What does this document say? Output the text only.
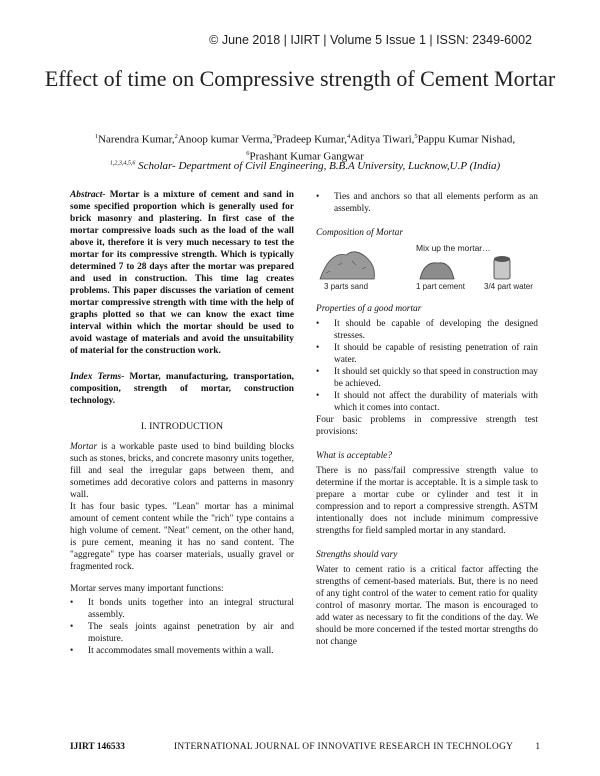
© June 2018 | IJIRT | Volume 5 Issue 1 | ISSN: 2349-6002
Effect of time on Compressive strength of Cement Mortar
$^1$Narendra Kumar,$^2$Anoop kumar Verma,$^3$Pradeep Kumar,$^4$Aditya Tiwari,$^5$Pappu Kumar Nishad,
$^6$Prashant Kumar Gangwar
$^{1,2,3,4,5,6}$ Scholar- Department of Civil Engineering, B.B.A University, Lucknow,U.P (India)

Abstract- Mortar is a mixture of cement and sand in some specified proportion which is generally used for brick masonry and plastering. In first case of the mortar compressive loads such as the load of the wall above it, therefore it is very much necessary to test the mortar for its compressive strength. Which is typically determined 7 to 28 days after the mortar was prepared and used in construction. This time lag creates problems. This paper discusses the variation of cement mortar compressive strength with time with the help of graphs plotted so that we can know the exact time interval within which the mortar should be used to avoid wastage of materials and avoid the unsuitability of material for the construction work.

Index Terms- Mortar, manufacturing, transportation, composition, strength of mortar, construction technology.

I. INTRODUCTION

Mortar is a workable paste used to bind building blocks such as stones, bricks, and concrete masonry units together, fill and seal the irregular gaps between them, and sometimes add decorative colors and patterns in masonry wall.

It has four basic types. "Lean" mortar has a minimal amount of cement content while the "rich" type contains a high volume of cement. "Neat" cement, on the other hand, is pure cement, meaning it has no sand content. The "aggregate" type has coarser materials, usually gravel or fragmented rock.

Mortar serves many important functions:

• It bonds units together into an integral structural assembly.
• The seals joints against penetration by air and moisture.
• It accommodates small movements within a wall.
• Ties and anchors so that all elements perform as an assembly.
Composition of Mortar
Mix up the mortar…
3 parts sand	1 part cement 3/4 part water
Properties of a good mortar
• It should be capable of developing the designed stresses.
• It should be capable of resisting penetration of rain water.
• It should set quickly so that speed in construction may be achieved.
• It should not affect the durability of materials with which it comes into contact.

Four basic problems in compressive strength test provisions:

What is acceptable?

There is no pass/fail compressive strength value to determine if the mortar is acceptable. It is a simple task to prepare a mortar cube or cylinder and test it in compression and to report a compressive strength. ASTM intentionally does not include minimum compressive strengths for field sampled mortar in any standard.

Strengths should vary

Water to cement ratio is a critical factor affecting the strengths of cement-based materials. But, there is no need of any tight control of the water to cement ratio for quality control of masonry mortar. The mason is encouraged to add water as necessary to fit the conditions of the day. We should be more concerned if the tested mortar strengths do not change

IJIRT 146533	INTERNATIONAL JOURNAL OF INNOVATIVE RESEARCH IN TECHNOLOGY 1
